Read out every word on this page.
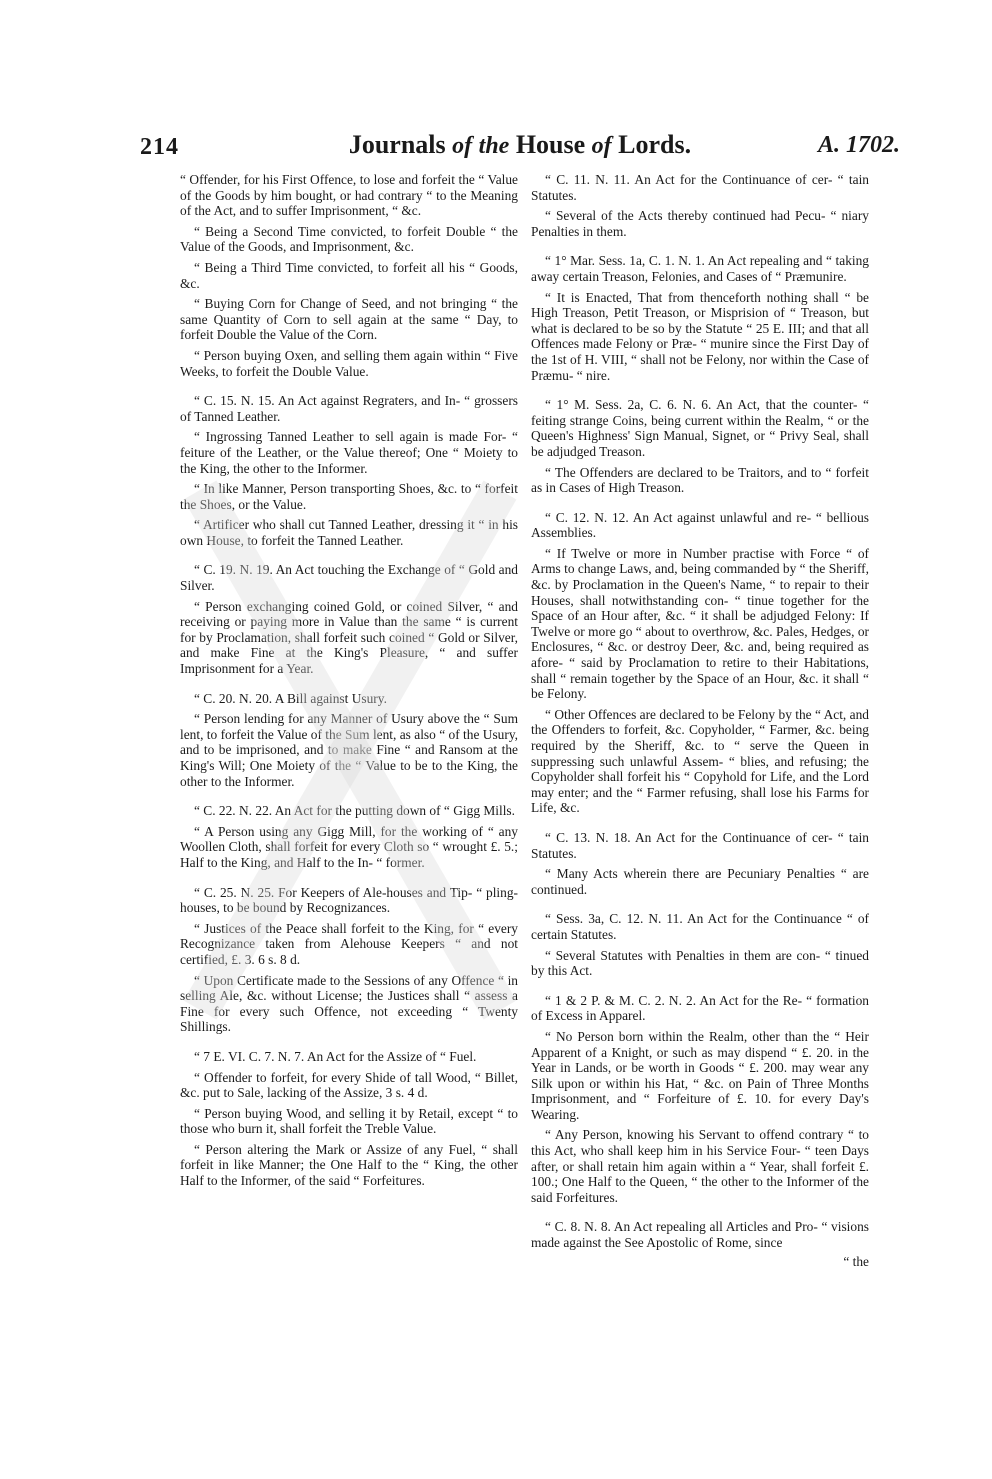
214	Journals of the House of Lords.	A. 1702.

“ Offender, for his First Offence, to lose and forfeit the “ Value of the Goods by him bought, or had contrary “ to the Meaning of the Act, and to suffer Imprisonment, “ &c.

“ Being a Second Time convicted, to forfeit Double “ the Value of the Goods, and Imprisonment, &c.

“ Being a Third Time convicted, to forfeit all his “ Goods, &c.

“ Buying Corn for Change of Seed, and not bringing “ the same Quantity of Corn to sell again at the same “ Day, to forfeit Double the Value of the Corn.

“ Person buying Oxen, and selling them again within “ Five Weeks, to forfeit the Double Value.

“ C. 15. N. 15. An Act against Regraters, and In- “ grossers of Tanned Leather.

“ Ingrossing Tanned Leather to sell again is made For- “ feiture of the Leather, or the Value thereof; One “ Moiety to the King, the other to the Informer.

“ In like Manner, Person transporting Shoes, &c. to “ forfeit the Shoes, or the Value.

“ Artificer who shall cut Tanned Leather, dressing it “ in his own House, to forfeit the Tanned Leather.

“ C. 19. N. 19. An Act touching the Exchange of “ Gold and Silver.

“ Person exchanging coined Gold, or coined Silver, “ and receiving or paying more in Value than the same “ is current for by Proclamation, shall forfeit such coined “ Gold or Silver, and make Fine at the King's Pleasure, “ and suffer Imprisonment for a Year.

“ C. 20. N. 20. A Bill against Usury.

“ Person lending for any Manner of Usury above the “ Sum lent, to forfeit the Value of the Sum lent, as also “ of the Usury, and to be imprisoned, and to make Fine “ and Ransom at the King's Will; One Moiety of the “ Value to be to the King, the other to the Informer.

“ C. 22. N. 22. An Act for the putting down of “ Gigg Mills.

“ A Person using any Gigg Mill, for the working of “ any Woollen Cloth, shall forfeit for every Cloth so “ wrought £. 5.; Half to the King, and Half to the In- “ former.

“ C. 25. N. 25. For Keepers of Ale-houses and Tip- “ pling-houses, to be bound by Recognizances.

“ Justices of the Peace shall forfeit to the King, for “ every Recognizance taken from Alehouse Keepers “ and not certified, £. 3. 6 s. 8 d.

“ Upon Certificate made to the Sessions of any Offence “ in selling Ale, &c. without License; the Justices shall “ assess a Fine for every such Offence, not exceeding “ Twenty Shillings.

“ 7 E. VI. C. 7. N. 7. An Act for the Assize of “ Fuel.

“ Offender to forfeit, for every Shide of tall Wood, “ Billet, &c. put to Sale, lacking of the Assize, 3 s. 4 d.

“ Person buying Wood, and selling it by Retail, except “ to those who burn it, shall forfeit the Treble Value.

“ Person altering the Mark or Assize of any Fuel, “ shall forfeit in like Manner; the One Half to the “ King, the other Half to the Informer, of the said “ Forfeitures.

“ C. 11. N. 11. An Act for the Continuance of cer- “ tain Statutes.

“ Several of the Acts thereby continued had Pecu- “ niary Penalties in them.

“ 1° Mar. Sess. 1a, C. 1. N. 1. An Act repealing and “ taking away certain Treason, Felonies, and Cases of “ Præmunire.

“ It is Enacted, That from thenceforth nothing shall “ be High Treason, Petit Treason, or Misprision of “ Treason, but what is declared to be so by the Statute “ 25 E. III; and that all Offences made Felony or Præ- “ munire since the First Day of the 1st of H. VIII, “ shall not be Felony, nor within the Case of Præmu- “ nire.

“ 1° M. Sess. 2a, C. 6. N. 6. An Act, that the counter- “ feiting strange Coins, being current within the Realm, “ or the Queen's Highness' Sign Manual, Signet, or “ Privy Seal, shall be adjudged Treason.

“ The Offenders are declared to be Traitors, and to “ forfeit as in Cases of High Treason.

“ C. 12. N. 12. An Act against unlawful and re- “ bellious Assemblies.

“ If Twelve or more in Number practise with Force “ of Arms to change Laws, and, being commanded by “ the Sheriff, &c. by Proclamation in the Queen's Name, “ to repair to their Houses, shall notwithstanding con- “ tinue together for the Space of an Hour after, &c. “ it shall be adjudged Felony: If Twelve or more go “ about to overthrow, &c. Pales, Hedges, or Enclosures, “ &c. or destroy Deer, &c. and, being required as afore- “ said by Proclamation to retire to their Habitations, shall “ remain together by the Space of an Hour, &c. it shall “ be Felony.

“ Other Offences are declared to be Felony by the “ Act, and the Offenders to forfeit, &c. Copyholder, “ Farmer, &c. being required by the Sheriff, &c. to “ serve the Queen in suppressing such unlawful Assem- “ blies, and refusing; the Copyholder shall forfeit his “ Copyhold for Life, and the Lord may enter; and the “ Farmer refusing, shall lose his Farms for Life, &c.

“ C. 13. N. 18. An Act for the Continuance of cer- “ tain Statutes.

“ Many Acts wherein there are Pecuniary Penalties “ are continued.

“ Sess. 3a, C. 12. N. 11. An Act for the Continuance “ of certain Statutes.

“ Several Statutes with Penalties in them are con- “ tinued by this Act.

“ 1 & 2 P. & M. C. 2. N. 2. An Act for the Re- “ formation of Excess in Apparel.

“ No Person born within the Realm, other than the “ Heir Apparent of a Knight, or such as may dispend “ £. 20. in the Year in Lands, or be worth in Goods “ £. 200. may wear any Silk upon or within his Hat, “ &c. on Pain of Three Months Imprisonment, and “ Forfeiture of £. 10. for every Day's Wearing.

“ Any Person, knowing his Servant to offend contrary “ to this Act, who shall keep him in his Service Four- “ teen Days after, or shall retain him again within a “ Year, shall forfeit £. 100.; One Half to the Queen, “ the other to the Informer of the said Forfeitures.

“ C. 8. N. 8. An Act repealing all Articles and Pro- “ visions made against the See Apostolic of Rome, since

“ the
